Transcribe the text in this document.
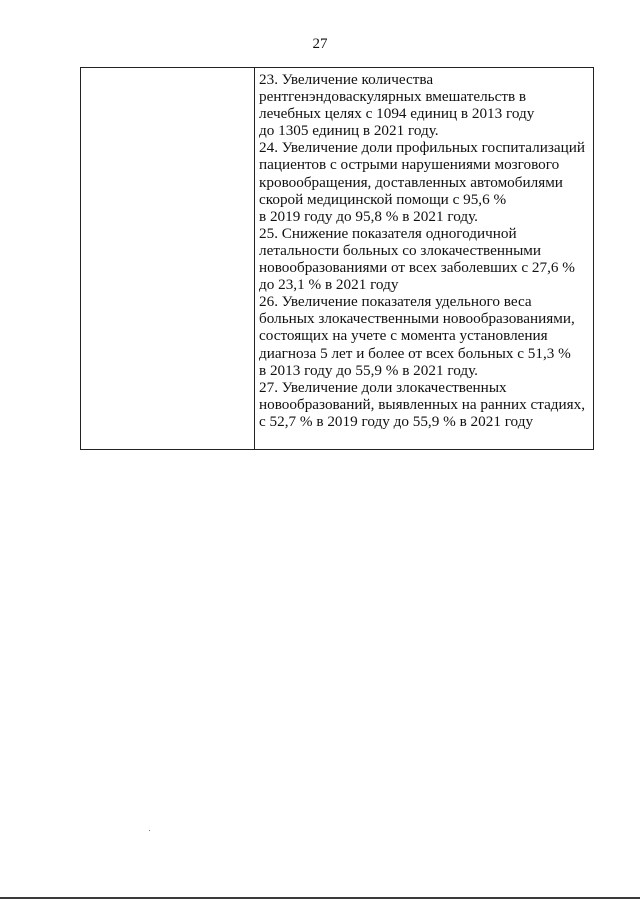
27
23. Увеличение количества
рентгенэндоваскулярных вмешательств в
лечебных целях с 1094 единиц в 2013 году
до 1305 единиц в 2021 году.
24. Увеличение доли профильных госпитализаций
пациентов с острыми нарушениями мозгового
кровообращения, доставленных автомобилями
скорой медицинской помощи с 95,6 %
в 2019 году до 95,8 % в 2021 году.
25. Снижение показателя одногодичной
летальности больных со злокачественными
новообразованиями от всех заболевших с 27,6 %
до 23,1 % в 2021 году
26. Увеличение показателя удельного веса
больных злокачественными новообразованиями,
состоящих на учете с момента установления
диагноза 5 лет и более от всех больных с 51,3 %
в 2013 году до 55,9 % в 2021 году.
27. Увеличение доли злокачественных
новообразований, выявленных на ранних стадиях,
с 52,7 % в 2019 году до 55,9 % в 2021 году
